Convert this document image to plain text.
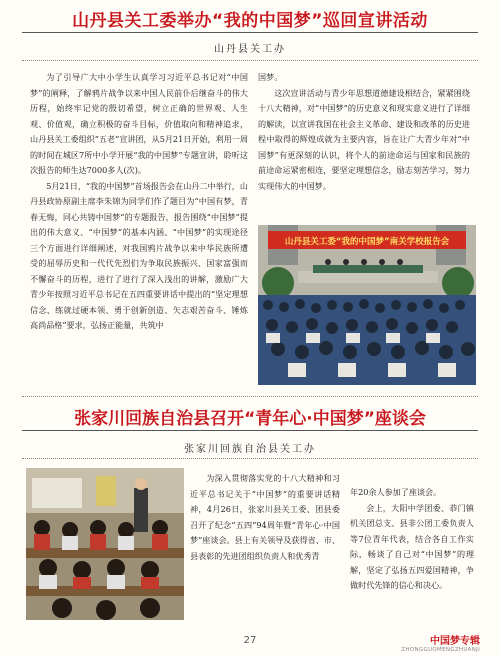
山丹县关工委举办“我的中国梦”巡回宣讲活动
山丹县关工办

为了引导广大中小学生认真学习习近平总书记对“中国梦”的阐释，了解鸦片战争以来中国人民前仆后继奋斗的伟大历程，始终牢记党的殷切希望，树立正确的世界观、人生观、价值观，确立积极的奋斗目标，价值取向和精神追求，山丹县关工委组织“五老”宣讲团，从5月21日开始，利用一周的时间在城区7所中小学开展“我的中国梦”专题宣讲，聆听这次报告的师生达7000多人(次)。

5月21日，“我的中国梦”首场报告会在山丹二中举行，山丹县政协原副主席李朱锦为同学们作了题目为“中国有梦，青春无悔，同心共铸中国梦”的专题报告，报告围绕“中国梦”提出的伟大意义、“中国梦”的基本内涵、“中国梦”的实现途径三个方面进行详细阐述，对我国鸦片战争以来中华民族所遭受的屈辱历史和一代代先烈们为争取民族振兴、国家富强而不懈奋斗的历程，进行了进行了深入浅出的讲解，激励广大青少年按照习近平总书记在五四重要讲话中提出的“坚定理想信念、练就过硬本领、勇于创新创造、矢志艰苦奋斗、锤炼高尚品格”要求，弘扬正能量，共筑中

国梦。

这次宣讲活动与青少年思想道德建设相结合，紧紧围绕十八大精神，对“中国梦”的历史意义和现实意义进行了详细的解读，以宣讲我国在社会主义革命、建设和改革的历史进程中取得的辉煌成就为主要内容，旨在让广大青少年对“中国梦”有更深刻的认识，将个人的前途命运与国家和民族的前途命运紧密相连，要坚定理想信念，励志刻苦学习，努力实现伟大的中国梦。

山丹县关工委“我的中国梦”南关学校报告会
张家川回族自治县召开“青年心·中国梦”座谈会
张家川回族自治县关工办

为深入贯彻落实党的十八大精神和习近平总书记关于“中国梦”的重要讲话精神，4月26日，张家川县关工委、团县委召开了纪念“五四”94周年暨“青年心·中国梦”座谈会。县上有关领导及获得省、市、县表彰的先进团组织负责人和优秀青

年20余人参加了座谈会。

会上，大阳中学团委、恭门镇机关团总支、县非公团工委负责人等7位青年代表，结合各自工作实际，畅谈了自己对“中国梦”的理解，坚定了弘扬五四爱国精神，争做时代先锋的信心和决心。

27	中国梦专辑
ZHONGGUOMENGZHUANJI
